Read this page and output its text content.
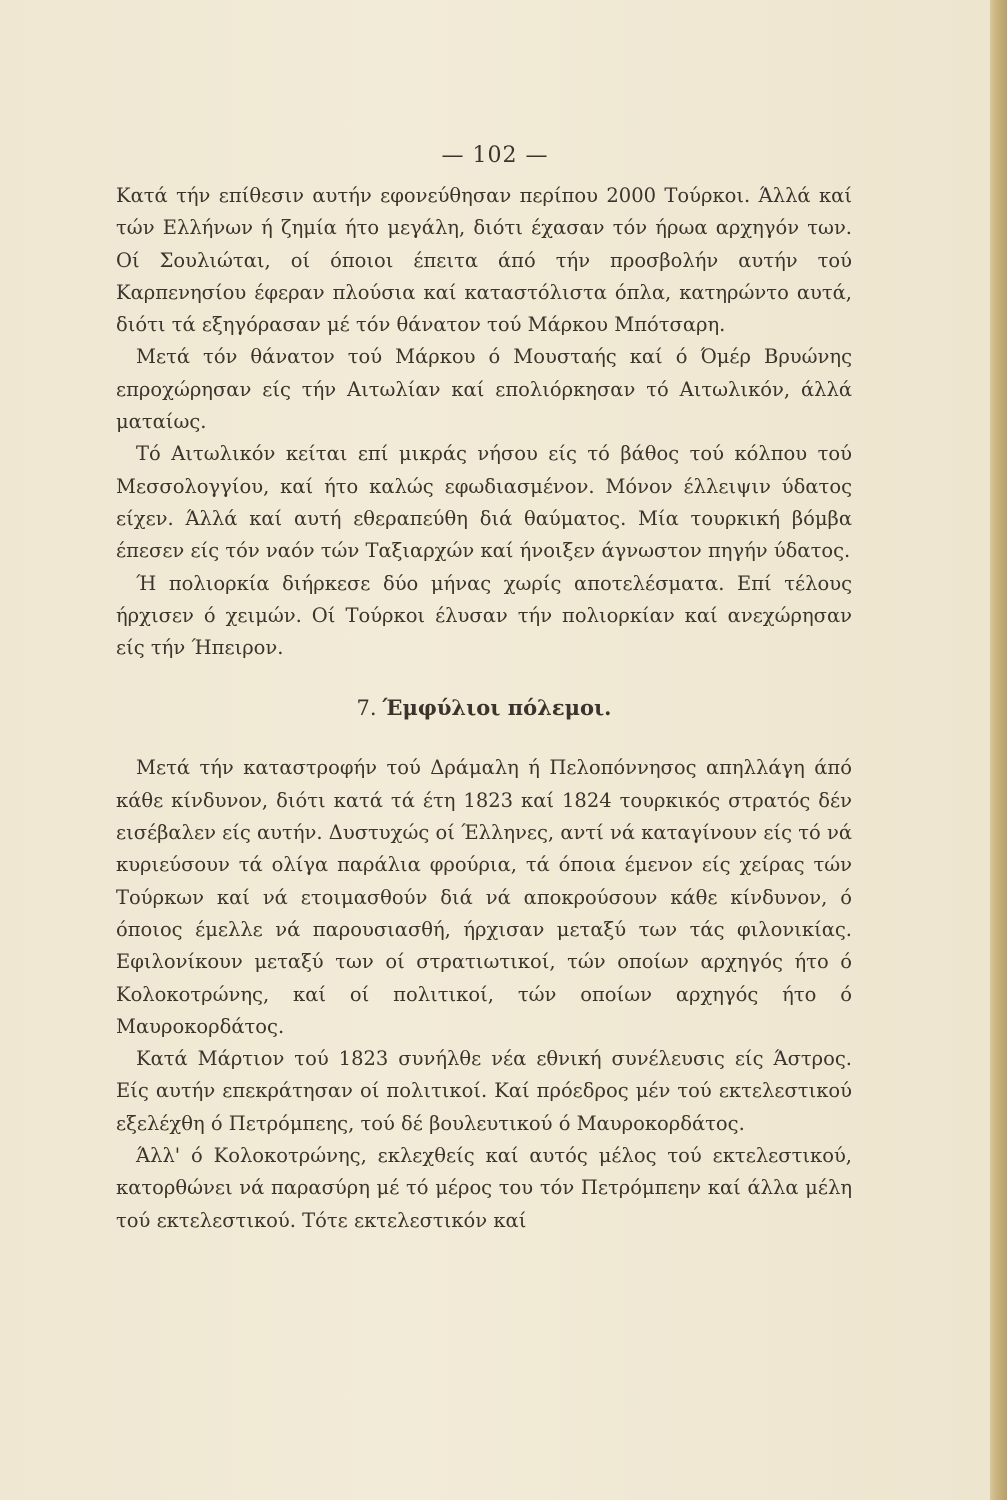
— 102 —

Κατά τήν επίθεσιν αυτήν εφονεύθησαν περίπου 2000 Τούρκοι. Άλλά καί τών Ελλήνων ή ζημία ήτο μεγάλη, διότι έχασαν τόν ήρωα αρχηγόν των. Οί Σουλιώται, οί όποιοι έπειτα άπό τήν προσβολήν αυτήν τού Καρπενησίου έφεραν πλούσια καί καταστόλιστα όπλα, κατηρώντο αυτά, διότι τά εξηγόρασαν μέ τόν θάνατον τού Μάρκου Μπότσαρη.

Μετά τόν θάνατον τού Μάρκου ό Μουσταής καί ό Όμέρ Βρυώνης επροχώρησαν είς τήν Αιτωλίαν καί επολιόρκησαν τό Αιτωλικόν, άλλά ματαίως.

Τό Αιτωλικόν κείται επί μικράς νήσου είς τό βάθος τού κόλπου τού Μεσσολογγίου, καί ήτο καλώς εφωδιασμένον. Μόνον έλλειψιν ύδατος είχεν. Άλλά καί αυτή εθεραπεύθη διά θαύματος. Μία τουρκική βόμβα έπεσεν είς τόν ναόν τών Ταξιαρχών καί ήνοιξεν άγνωστον πηγήν ύδατος.

Ή πολιορκία διήρκεσε δύο μήνας χωρίς αποτελέσματα. Επί τέλους ήρχισεν ό χειμών. Οί Τούρκοι έλυσαν τήν πολιορκίαν καί ανεχώρησαν είς τήν Ήπειρον.

7. Έμφύλιοι πόλεμοι.

Μετά τήν καταστροφήν τού Δράμαλη ή Πελοπόννησος απηλλάγη άπό κάθε κίνδυνον, διότι κατά τά έτη 1823 καί 1824 τουρκικός στρατός δέν εισέβαλεν είς αυτήν. Δυστυχώς οί Έλληνες, αντί νά καταγίνουν είς τό νά κυριεύσουν τά ολίγα παράλια φρούρια, τά όποια έμενον είς χείρας τών Τούρκων καί νά ετοιμασθούν διά νά αποκρούσουν κάθε κίνδυνον, ό όποιος έμελλε νά παρουσιασθή, ήρχισαν μεταξύ των τάς φιλονικίας. Εφιλονίκουν μεταξύ των οί στρατιωτικοί, τών οποίων αρχηγός ήτο ό Κολοκοτρώνης, καί οί πολιτικοί, τών οποίων αρχηγός ήτο ό Μαυροκορδάτος.

Κατά Μάρτιον τού 1823 συνήλθε νέα εθνική συνέλευσις είς Άστρος. Είς αυτήν επεκράτησαν οί πολιτικοί. Καί πρόεδρος μέν τού εκτελεστικού εξελέχθη ό Πετρόμπεης, τού δέ βουλευτικού ό Μαυροκορδάτος.

Άλλ' ό Κολοκοτρώνης, εκλεχθείς καί αυτός μέλος τού εκτελεστικού, κατορθώνει νά παρασύρη μέ τό μέρος του τόν Πετρόμπεην καί άλλα μέλη τού εκτελεστικού. Τότε εκτελεστικόν καί
